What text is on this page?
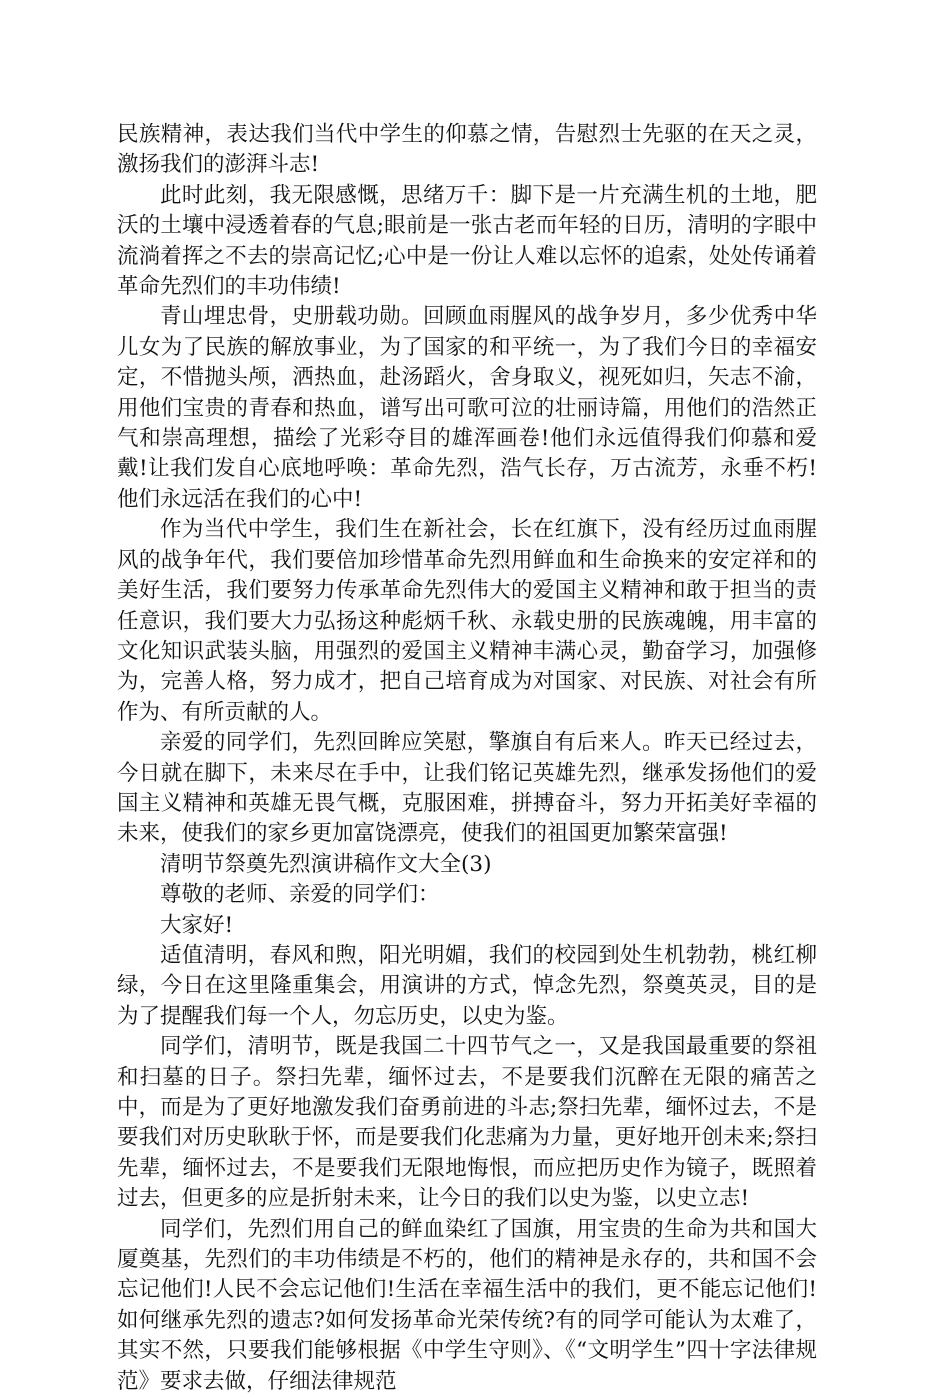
民族精神，表达我们当代中学生的仰慕之情，告慰烈士先驱的在天之灵，激扬我们的澎湃斗志!

此时此刻，我无限感慨，思绪万千：脚下是一片充满生机的土地，肥沃的土壤中浸透着春的气息;眼前是一张古老而年轻的日历，清明的字眼中流淌着挥之不去的崇高记忆;心中是一份让人难以忘怀的追索，处处传诵着革命先烈们的丰功伟绩!

青山埋忠骨，史册载功勋。回顾血雨腥风的战争岁月，多少优秀中华儿女为了民族的解放事业，为了国家的和平统一，为了我们今日的幸福安定，不惜抛头颅，洒热血，赴汤蹈火，舍身取义，视死如归，矢志不渝，用他们宝贵的青春和热血，谱写出可歌可泣的壮丽诗篇，用他们的浩然正气和崇高理想，描绘了光彩夺目的雄浑画卷!他们永远值得我们仰慕和爱戴!让我们发自心底地呼唤：革命先烈，浩气长存，万古流芳，永垂不朽!他们永远活在我们的心中!

作为当代中学生，我们生在新社会，长在红旗下，没有经历过血雨腥风的战争年代，我们要倍加珍惜革命先烈用鲜血和生命换来的安定祥和的美好生活，我们要努力传承革命先烈伟大的爱国主义精神和敢于担当的责任意识，我们要大力弘扬这种彪炳千秋、永载史册的民族魂魄，用丰富的文化知识武装头脑，用强烈的爱国主义精神丰满心灵，勤奋学习，加强修为，完善人格，努力成才，把自己培育成为对国家、对民族、对社会有所作为、有所贡献的人。

亲爱的同学们，先烈回眸应笑慰，擎旗自有后来人。昨天已经过去，今日就在脚下，未来尽在手中，让我们铭记英雄先烈，继承发扬他们的爱国主义精神和英雄无畏气概，克服困难，拼搏奋斗，努力开拓美好幸福的未来，使我们的家乡更加富饶漂亮，使我们的祖国更加繁荣富强!

清明节祭奠先烈演讲稿作文大全(3)

尊敬的老师、亲爱的同学们：

大家好!

适值清明，春风和煦，阳光明媚，我们的校园到处生机勃勃，桃红柳绿，今日在这里隆重集会，用演讲的方式，悼念先烈，祭奠英灵，目的是为了提醒我们每一个人，勿忘历史，以史为鉴。

同学们，清明节，既是我国二十四节气之一，又是我国最重要的祭祖和扫墓的日子。祭扫先辈，缅怀过去，不是要我们沉醉在无限的痛苦之中，而是为了更好地激发我们奋勇前进的斗志;祭扫先辈，缅怀过去，不是要我们对历史耿耿于怀，而是要我们化悲痛为力量，更好地开创未来;祭扫先辈，缅怀过去，不是要我们无限地悔恨，而应把历史作为镜子，既照着过去，但更多的应是折射未来，让今日的我们以史为鉴，以史立志!

同学们，先烈们用自己的鲜血染红了国旗，用宝贵的生命为共和国大厦奠基，先烈们的丰功伟绩是不朽的，他们的精神是永存的，共和国不会忘记他们!人民不会忘记他们!生活在幸福生活中的我们，更不能忘记他们!如何继承先烈的遗志?如何发扬革命光荣传统?有的同学可能认为太难了，其实不然，只要我们能够根据《中学生守则》、《“文明学生”四十字法律规范》要求去做，仔细法律规范
